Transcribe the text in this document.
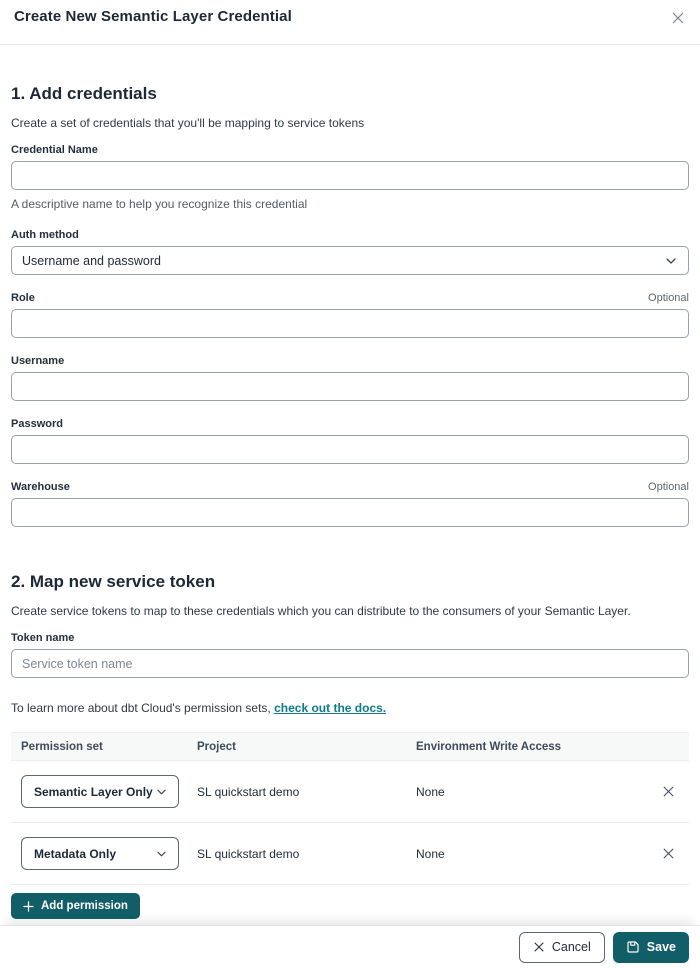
Create New Semantic Layer Credential
1. Add credentials
Create a set of credentials that you'll be mapping to service tokens
Credential Name
A descriptive name to help you recognize this credential
Auth method
Username and password
Role	Optional
Username
Password
Warehouse	Optional
2. Map new service token
Create service tokens to map to these credentials which you can distribute to the consumers of your Semantic Layer.
Token name
Service token name
To learn more about dbt Cloud's permission sets, check out the docs.
Permission set	Project	Environment Write Access
Semantic Layer Only	SL quickstart demo	None
Metadata Only	SL quickstart demo	None
Add permission
Cancel	Save
